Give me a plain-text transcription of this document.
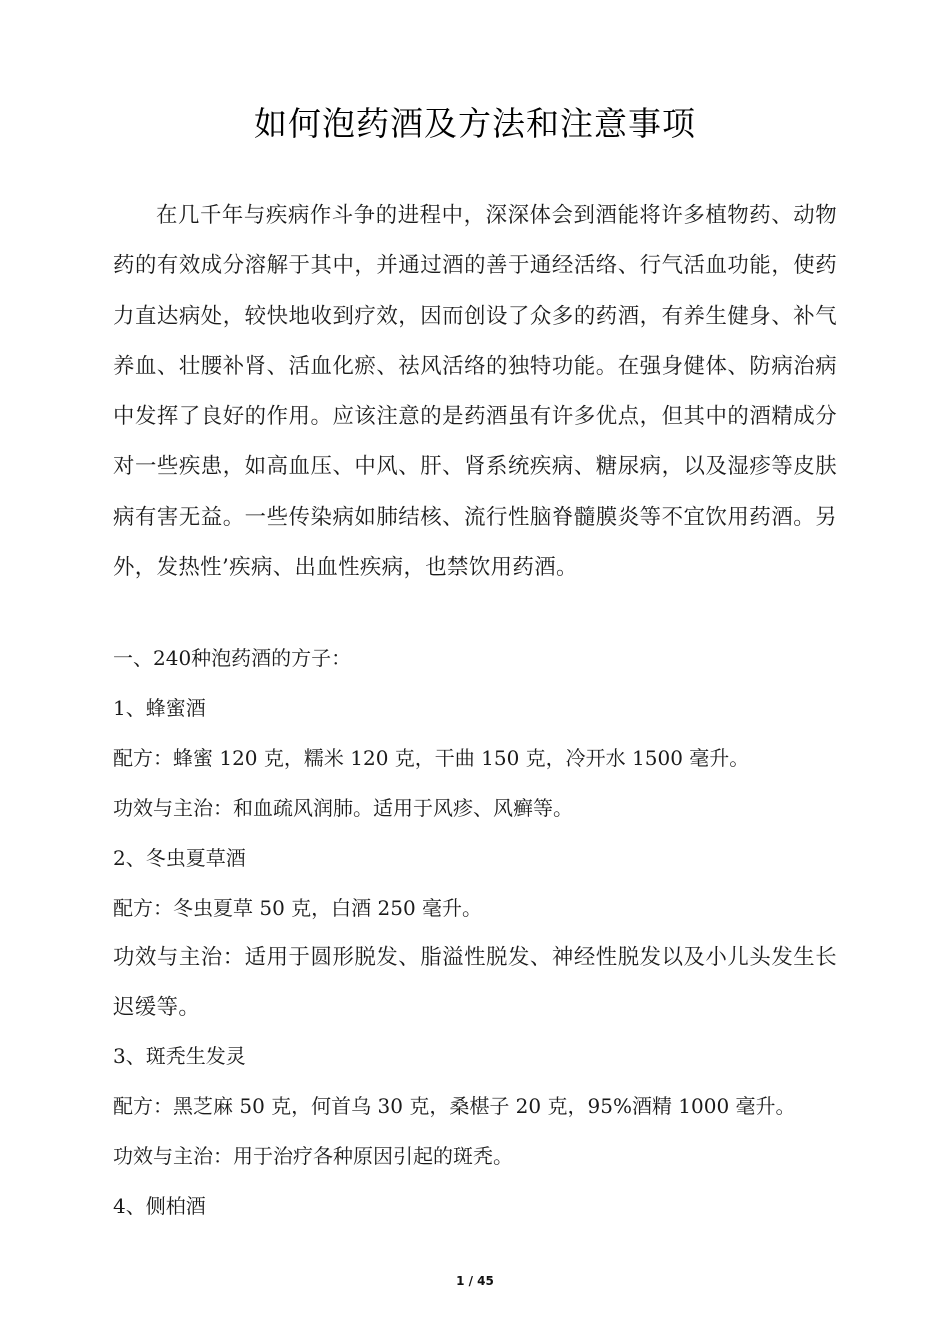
如何泡药酒及方法和注意事项

在几千年与疾病作斗争的进程中，深深体会到酒能将许多植物药、动物药的有效成分溶解于其中，并通过酒的善于通经活络、行气活血功能，使药力直达病处，较快地收到疗效，因而创设了众多的药酒，有养生健身、补气养血、壮腰补肾、活血化瘀、祛风活络的独特功能。在强身健体、防病治病中发挥了良好的作用。应该注意的是药酒虽有许多优点，但其中的酒精成分对一些疾患，如高血压、中风、肝、肾系统疾病、糖尿病，以及湿疹等皮肤病有害无益。一些传染病如肺结核、流行性脑脊髓膜炎等不宜饮用药酒。另外，发热性’疾病、出血性疾病，也禁饮用药酒。

一、240种泡药酒的方子：
1、蜂蜜酒
配方：蜂蜜 120 克，糯米 120 克，干曲 150 克，冷开水 1500 毫升。
功效与主治：和血疏风润肺。适用于风疹、风癣等。
2、冬虫夏草酒
配方：冬虫夏草 50 克，白酒 250 毫升。
功效与主治：适用于圆形脱发、脂溢性脱发、神经性脱发以及小儿头发生长迟缓等。
3、斑秃生发灵
配方：黑芝麻 50 克，何首乌 30 克，桑椹子 20 克，95%酒精 1000 毫升。
功效与主治：用于治疗各种原因引起的斑秃。
4、侧柏酒
1 / 45
